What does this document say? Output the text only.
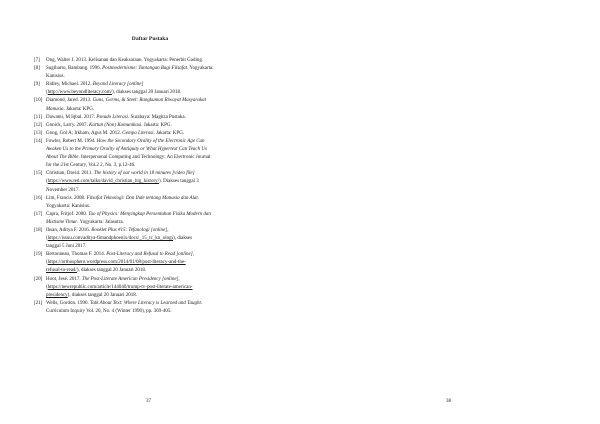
Daftar Pustaka
[7]	Ong, Walter J. 2013. Kelisanan dan Keaksaraan. Yogyakarta: Penerbit Gading.
[8]	Sugiharto, Bambang. 1996. Postmodernisme: Tantangan Bagi Filsafat. Yogyakarta:
Kanisius.
[9]	Ridley, Michael. 2012. Beyond Literacy [online]
(http://www.beyondliteracy.com/), diakses tanggal 20 Januari 2018.
[10] Diamond, Jared. 2013. Guns, Germs, & Steel: Rangkuman Riwayat Masyarakat
Manusia. Jakarta: KPG.
[11] Dawami, M Iqbal. 2017. Pseudo Literasi. Surabaya: Maghza Pustaka.
[12] Gonick, Larry. 2007. Kartun (Non) Komunikasi. Jakarta: KPG.
[13] Gong, Gol A; Irkham, Agus M. 2012. Gempa Literasi. Jakarta: KPG.
[14] Fowler, Robert M. 1994. How the Secondary Orality of the Electronic Age Can
Awaken Us to the Primary Orality of Antiquity or What Hypertext Can Teach Us
About The Bible. Interpersonal Computing and Technology: An Electronic Journal
for the 21st Century, Vol.2 2, No. 3, p.12-46.
[15] Christian, David. 2011. The history of our world in 18 minutes [video file]
(https://www.ted.com/talks/david_christian_big_history/). Diakses tanggal 3
November 2017.
[16] Lim, Francis. 2008. Filsafat Teknologi: Don Ihde tentang Manusia dan Alat.
Yogyakarta: Kanisius.
[17] Capra, Fritjof. 2000. Tao of Physics: Menyingkap Persentuhan Fisika Modern dan
Mistisme Timur. Yogyakarta: Jalasutra.
[18] Ihsan, Aditya F. 2016. Booklet Plus #15: Tefanologi [online],
(https://issuu.com/aditya-fimandphoenix/docs/_15_tc_kn_ologi), diakses
tanggal 5 Juni 2017.
[19] Bertonneau, Thomas F. 2014. Post-Literacy and Refusal to Read [online],
(https://orthosphere.wordpress.com/2014/01/08/post-literacy-and-the-
refusal-to-read/), diakses tanggal 20 Januari 2018.
[20] Hoot, Jesé. 2017. The Post-Literate American Presidency [online],
(https://newrepublic.com/article/144040/trump-tv-post-literate-american-
presidency), diakses tanggal 20 Januari 2018.
[21] Wells, Gordon. 1990. Talk About Text: Where Literacy is Learned and Taught.
Curriculum Inquiry Vol. 20, No. 4 (Winter 1990), pp. 369-405.
37	38
